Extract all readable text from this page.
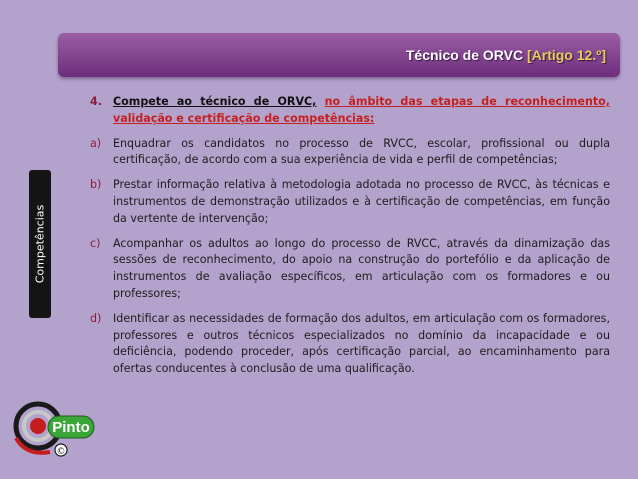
Técnico de ORVC [Artigo 12.º]
Competências
4. Compete ao técnico de ORVC, no âmbito das etapas de reconhecimento, validação e certificação de competências:
a)	Enquadrar os candidatos no processo de RVCC, escolar, profissional ou dupla certificação, de acordo com a sua experiência de vida e perfil de competências;
b)	Prestar informação relativa à metodologia adotada no processo de RVCC, às técnicas e instrumentos de demonstração utilizados e à certificação de competências, em função da vertente de intervenção;
c)	Acompanhar os adultos ao longo do processo de RVCC, através da dinamização das sessões de reconhecimento, do apoio na construção do portefólio e da aplicação de instrumentos de avaliação específicos, em articulação com os formadores e ou professores;
d)	Identificar as necessidades de formação dos adultos, em articulação com os formadores, professores e outros técnicos especializados no domínio da incapacidade e ou deficiência, podendo proceder, após certificação parcial, ao encaminhamento para ofertas conducentes à conclusão de uma qualificação.
Pinto
©
